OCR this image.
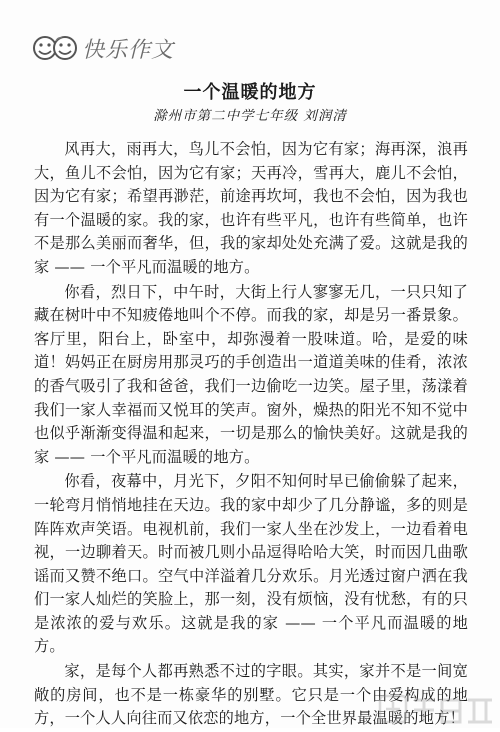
快乐作文
一个温暖的地方

滁州市第二中学七年级 刘润清

风再大，雨再大，鸟儿不会怕，因为它有家；海再深，浪再大，鱼儿不会怕，因为它有家；天再冷，雪再大，鹿儿不会怕，因为它有家；希望再渺茫，前途再坎坷，我也不会怕，因为我也有一个温暖的家。我的家，也许有些平凡，也许有些简单，也许不是那么美丽而奢华，但，我的家却处处充满了爱。这就是我的家 —— 一个平凡而温暖的地方。

你看，烈日下，中午时，大街上行人寥寥无几，一只只知了藏在树叶中不知疲倦地叫个不停。而我的家，却是另一番景象。客厅里，阳台上，卧室中，却弥漫着一股味道。哈，是爱的味道！妈妈正在厨房用那灵巧的手创造出一道道美味的佳肴，浓浓的香气吸引了我和爸爸，我们一边偷吃一边笑。屋子里，荡漾着我们一家人幸福而又悦耳的笑声。窗外，燥热的阳光不知不觉中也似乎渐渐变得温和起来，一切是那么的愉快美好。这就是我的家 —— 一个平凡而温暖的地方。

你看，夜幕中，月光下，夕阳不知何时早已偷偷躲了起来，一轮弯月悄悄地挂在天边。我的家中却少了几分静谧，多的则是阵阵欢声笑语。电视机前，我们一家人坐在沙发上，一边看着电视，一边聊着天。时而被几则小品逗得哈哈大笑，时而因几曲歌谣而又赞不绝口。空气中洋溢着几分欢乐。月光透过窗户洒在我们一家人灿烂的笑脸上，那一刻，没有烦恼，没有忧愁，有的只是浓浓的爱与欢乐。这就是我的家 —— 一个平凡而温暖的地方。

家，是每个人都再熟悉不过的字眼。其实，家并不是一间宽敞的房间，也不是一栋豪华的别墅。它只是一个由爱构成的地方，一个人人向往而又依恋的地方，一个全世界最温暖的地方！
